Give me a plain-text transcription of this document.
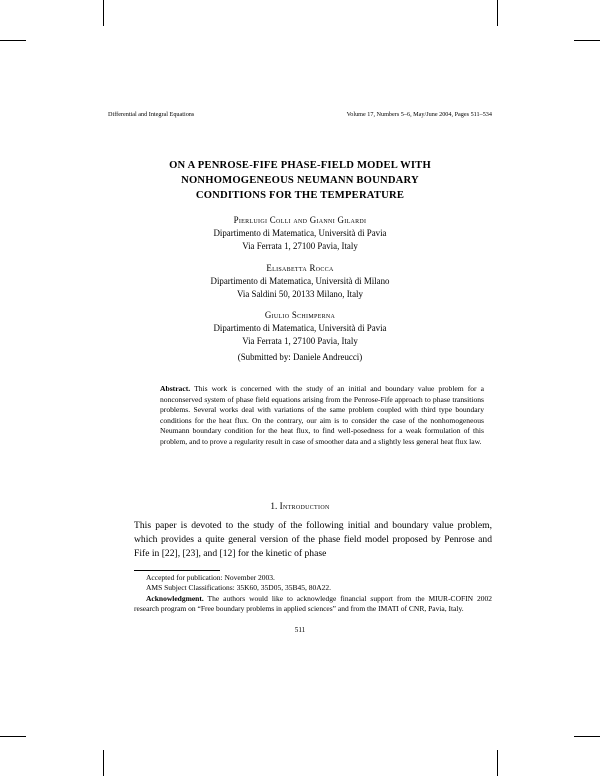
Differential and Integral Equations	Volume 17, Numbers 5–6, May/June 2004, Pages 511–534
ON A PENROSE-FIFE PHASE-FIELD MODEL WITH
NONHOMOGENEOUS NEUMANN BOUNDARY
CONDITIONS FOR THE TEMPERATURE
Pierluigi Colli and Gianni Gilardi
Dipartimento di Matematica, Università di Pavia
Via Ferrata 1, 27100 Pavia, Italy
Elisabetta Rocca
Dipartimento di Matematica, Università di Milano
Via Saldini 50, 20133 Milano, Italy
Giulio Schimperna
Dipartimento di Matematica, Università di Pavia
Via Ferrata 1, 27100 Pavia, Italy
(Submitted by: Daniele Andreucci)
Abstract. This work is concerned with the study of an initial and boundary value problem for a nonconserved system of phase field equations arising from the Penrose-Fife approach to phase transitions problems. Several works deal with variations of the same problem coupled with third type boundary conditions for the heat flux. On the contrary, our aim is to consider the case of the nonhomogeneous Neumann boundary condition for the heat flux, to find well-posedness for a weak formulation of this problem, and to prove a regularity result in case of smoother data and a slightly less general heat flux law.
1. Introduction
This paper is devoted to the study of the following initial and boundary value problem, which provides a quite general version of the phase field model proposed by Penrose and Fife in [22], [23], and [12] for the kinetic of phase

Accepted for publication: November 2003.

AMS Subject Classifications: 35K60, 35D05, 35B45, 80A22.

Acknowledgment. The authors would like to acknowledge financial support from the MIUR-COFIN 2002 research program on “Free boundary problems in applied sciences” and from the IMATI of CNR, Pavia, Italy.

511
